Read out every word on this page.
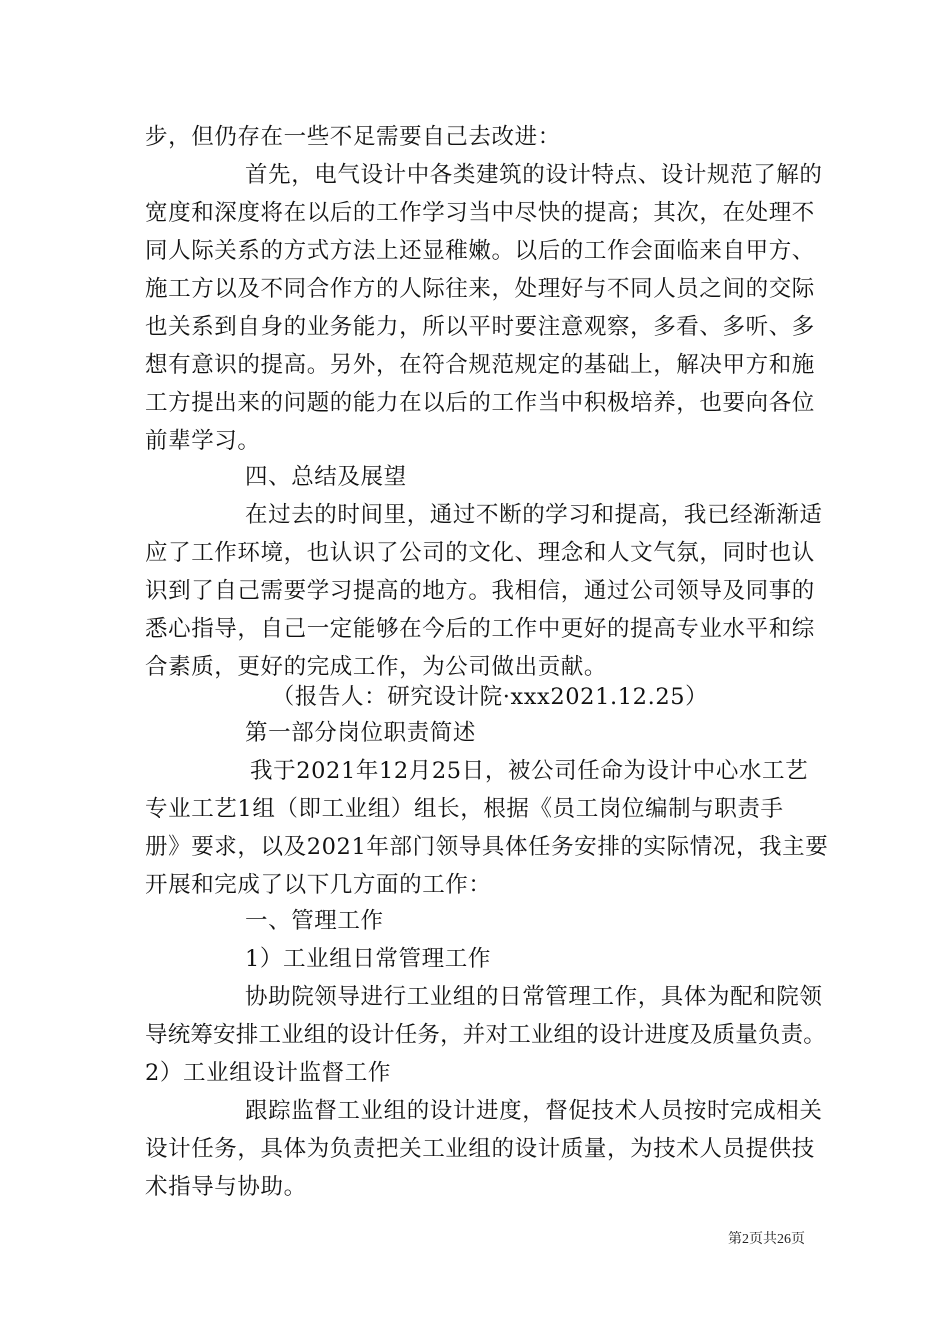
步，但仍存在一些不足需要自己去改进：
首先，电气设计中各类建筑的设计特点、设计规范了解的
宽度和深度将在以后的工作学习当中尽快的提高；其次，在处理不
同人际关系的方式方法上还显稚嫩。以后的工作会面临来自甲方、
施工方以及不同合作方的人际往来，处理好与不同人员之间的交际
也关系到自身的业务能力，所以平时要注意观察，多看、多听、多
想有意识的提高。另外，在符合规范规定的基础上，解决甲方和施
工方提出来的问题的能力在以后的工作当中积极培养，也要向各位
前辈学习。
四、总结及展望
在过去的时间里，通过不断的学习和提高，我已经渐渐适
应了工作环境，也认识了公司的文化、理念和人文气氛，同时也认
识到了自己需要学习提高的地方。我相信，通过公司领导及同事的
悉心指导，自己一定能够在今后的工作中更好的提高专业水平和综
合素质，更好的完成工作，为公司做出贡献。
（报告人：研究设计院·xxx2021.12.25）
第一部分岗位职责简述
我于2021年12月25日，被公司任命为设计中心水工艺
专业工艺1组（即工业组）组长，根据《员工岗位编制与职责手
册》要求，以及2021年部门领导具体任务安排的实际情况，我主要
开展和完成了以下几方面的工作：
一、管理工作
1）工业组日常管理工作
协助院领导进行工业组的日常管理工作，具体为配和院领
导统筹安排工业组的设计任务，并对工业组的设计进度及质量负责。
2）工业组设计监督工作
跟踪监督工业组的设计进度，督促技术人员按时完成相关
设计任务，具体为负责把关工业组的设计质量，为技术人员提供技
术指导与协助。
第2页共26页
